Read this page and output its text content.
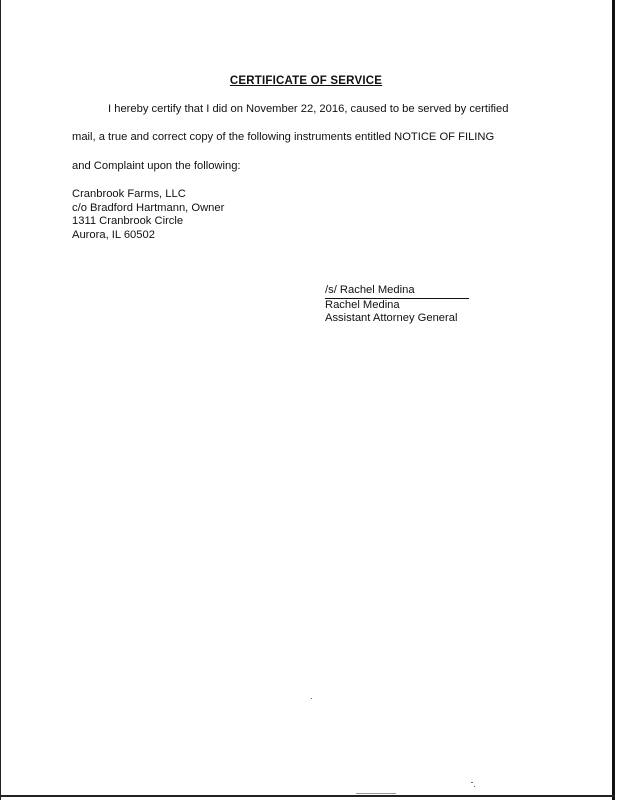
CERTIFICATE OF SERVICE
I hereby certify that I did on November 22, 2016, caused to be served by certified
mail, a true and correct copy of the following instruments entitled NOTICE OF FILING
and Complaint upon the following:
Cranbrook Farms, LLC
c/o Bradford Hartmann, Owner
1311 Cranbrook Circle
Aurora, IL 60502
/s/ Rachel Medina
Rachel Medina
Assistant Attorney General
